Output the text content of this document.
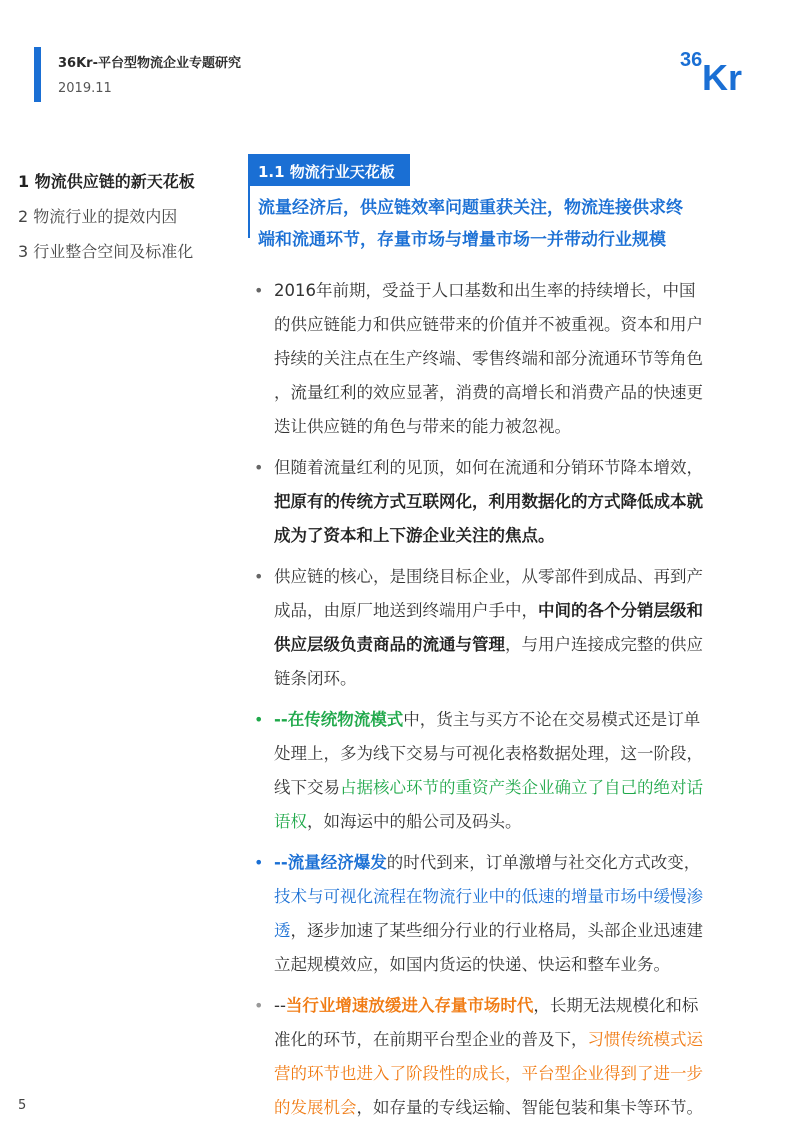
36Kr-平台型物流企业专题研究
2019.11
36 Kr
1 物流供应链的新天花板
2 物流行业的提效内因
3 行业整合空间及标准化
1.1 物流行业天花板
流量经济后，供应链效率问题重获关注，物流连接供求终
端和流通环节，存量市场与增量市场一并带动行业规模
• 2016年前期，受益于人口基数和出生率的持续增长，中国
的供应链能力和供应链带来的价值并不被重视。资本和用户
持续的关注点在生产终端、零售终端和部分流通环节等角色
，流量红利的效应显著，消费的高增长和消费产品的快速更
迭让供应链的角色与带来的能力被忽视。
• 但随着流量红利的见顶，如何在流通和分销环节降本增效，
把原有的传统方式互联网化，利用数据化的方式降低成本就
成为了资本和上下游企业关注的焦点。
• 供应链的核心，是围绕目标企业，从零部件到成品、再到产
成品，由原厂地送到终端用户手中，中间的各个分销层级和
供应层级负责商品的流通与管理，与用户连接成完整的供应
链条闭环。
• --在传统物流模式中，货主与买方不论在交易模式还是订单
处理上，多为线下交易与可视化表格数据处理，这一阶段，
线下交易占据核心环节的重资产类企业确立了自己的绝对话
语权，如海运中的船公司及码头。
• --流量经济爆发的时代到来，订单激增与社交化方式改变，
技术与可视化流程在物流行业中的低速的增量市场中缓慢渗
透，逐步加速了某些细分行业的行业格局，头部企业迅速建
立起规模效应，如国内货运的快递、快运和整车业务。
• --当行业增速放缓进入存量市场时代，长期无法规模化和标
准化的环节，在前期平台型企业的普及下，习惯传统模式运
营的环节也进入了阶段性的成长，平台型企业得到了进一步
的发展机会，如存量的专线运输、智能包装和集卡等环节。
5
